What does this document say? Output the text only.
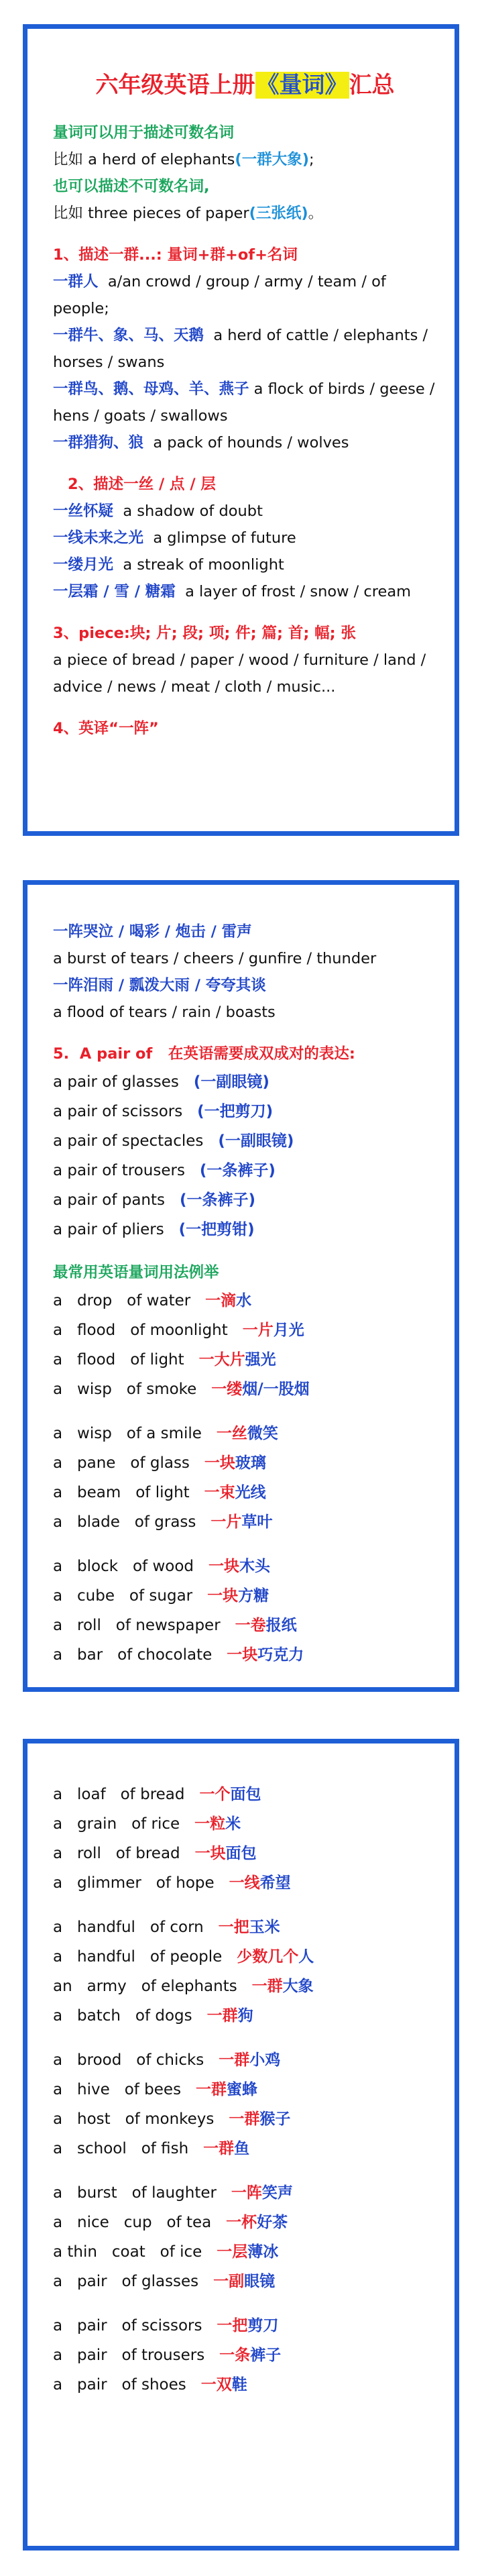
六年级英语上册《量词》汇总

量词可以用于描述可数名词

比如 a herd of elephants(一群大象);

也可以描述不可数名词,

比如 three pieces of paper(三张纸)。

1、描述一群...: 量词+群+of+名词

一群人 a/an crowd / group / army / team / of people;

一群牛、象、马、天鹅 a herd of cattle / elephants / horses / swans

一群鸟、鹅、母鸡、羊、燕子 a flock of birds / geese / hens / goats / swallows

一群猎狗、狼 a pack of hounds / wolves

2、描述一丝 / 点 / 层

一丝怀疑 a shadow of doubt

一线未来之光 a glimpse of future

一缕月光 a streak of moonlight

一层霜 / 雪 / 糖霜 a layer of frost / snow / cream

3、piece:块; 片; 段; 项; 件; 篇; 首; 幅; 张

a piece of bread / paper / wood / furniture / land / advice / news / meat / cloth / music...

4、英译“一阵”

一阵哭泣 / 喝彩 / 炮击 / 雷声

a burst of tears / cheers / gunfire / thunder

一阵泪雨 / 瓢泼大雨 / 夸夸其谈

a flood of tears / rain / boasts

5. A pair of 在英语需要成双成对的表达:

a pair of glasses (一副眼镜)

a pair of scissors (一把剪刀)

a pair of spectacles (一副眼镜)

a pair of trousers (一条裤子)

a pair of pants (一条裤子)

a pair of pliers (一把剪钳)

最常用英语量词用法例举

a   drop   of water 一滴水

a   flood   of moonlight 一片月光

a   flood   of light 一大片强光

a   wisp   of smoke 一缕烟/一股烟

a   wisp   of a smile 一丝微笑

a   pane   of glass 一块玻璃

a   beam   of light 一束光线

a   blade   of grass 一片草叶

a   block   of wood 一块木头

a   cube   of sugar 一块方糖

a   roll   of newspaper 一卷报纸

a   bar   of chocolate 一块巧克力

a   loaf   of bread 一个面包

a   grain   of rice 一粒米

a   roll   of bread 一块面包

a   glimmer   of hope 一线希望

a   handful   of corn 一把玉米

a   handful   of people 少数几个人

an   army   of elephants 一群大象

a   batch   of dogs 一群狗

a   brood   of chicks 一群小鸡

a   hive   of bees 一群蜜蜂

a   host   of monkeys 一群猴子

a   school   of fish 一群鱼

a   burst   of laughter 一阵笑声

a   nice   cup   of tea 一杯好茶

a thin   coat   of ice 一层薄冰

a   pair   of glasses 一副眼镜

a   pair   of scissors 一把剪刀

a   pair   of trousers 一条裤子

a   pair   of shoes 一双鞋
